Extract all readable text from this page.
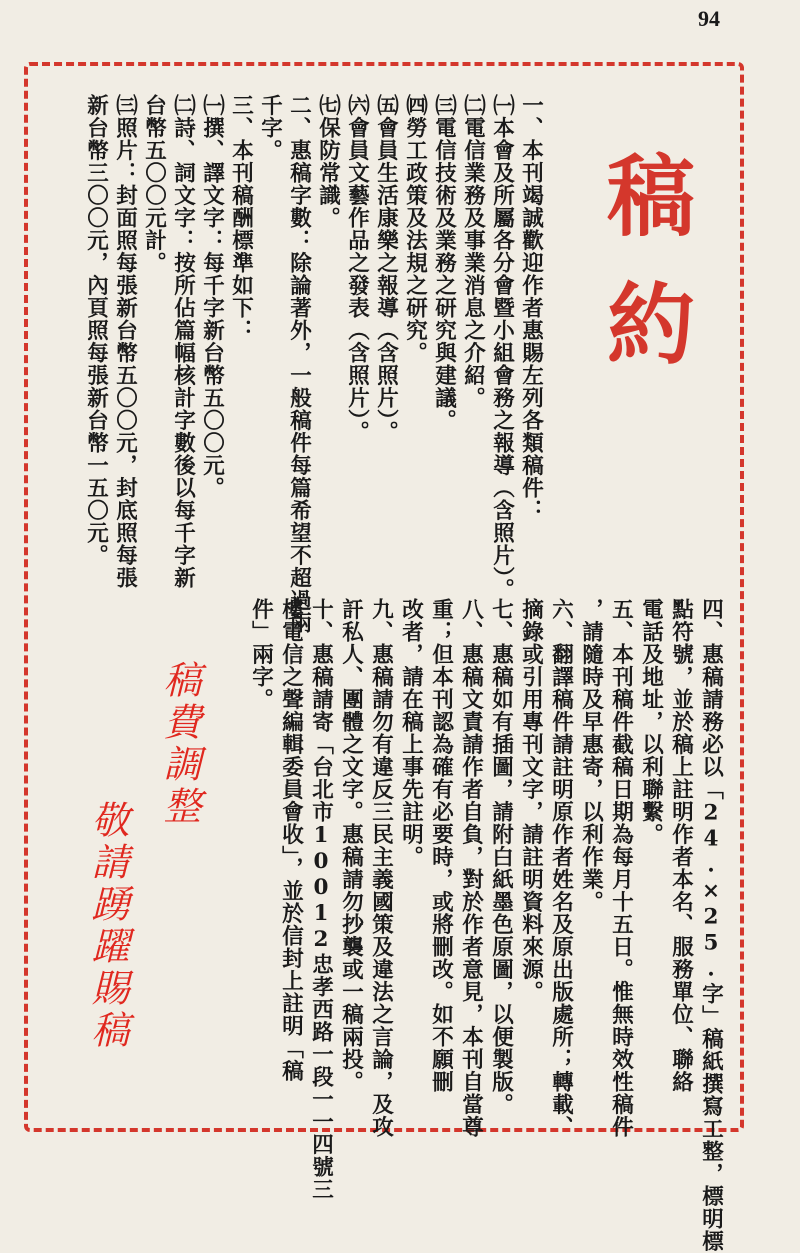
94
稿約
一、本刊竭誠歡迎作者惠賜左列各類稿件：
㈠本會及所屬各分會暨小組會務之報導（含照片）。
㈡電信業務及事業消息之介紹。
㈢電信技術及業務之研究與建議。
㈣勞工政策及法規之研究。
㈤會員生活康樂之報導（含照片）。
㈥會員文藝作品之發表（含照片）。
㈦保防常識。
二、惠稿字數：除論著外，一般稿件每篇希望不超過兩
千字。
三、本刊稿酬標準如下：
㈠撰、譯文字：每千字新台幣五〇〇元。
㈡詩、詞文字：按所佔篇幅核計字數後以每千字新
台幣五〇〇元計。
㈢照片：封面照每張新台幣五〇〇元，封底照每張
新台幣三〇〇元，內頁照每張新台幣一五〇元。
四、惠稿請務必以「24.×25.字」稿紙撰寫工整，標明標
點符號，並於稿上註明作者本名、服務單位、聯絡
電話及地址，以利聯繫。
五、本刊稿件截稿日期為每月十五日。惟無時效性稿件
，請隨時及早惠寄，以利作業。
六、翻譯稿件請註明原作者姓名及原出版處所；轉載、
摘錄或引用專刊文字，請註明資料來源。
七、惠稿如有插圖，請附白紙墨色原圖，以便製版。
八、惠稿文責請作者自負，對於作者意見，本刊自當尊
重；但本刊認為確有必要時，或將刪改。如不願刪
改者，請在稿上事先註明。
九、惠稿請勿有違反三民主義國策及違法之言論，及攻
訐私人、團體之文字。惠稿請勿抄襲或一稿兩投。
十、惠稿請寄「台北市10012忠孝西路一段一一四號三
樓電信之聲編輯委員會收」，並於信封上註明「稿
件」兩字。
稿費調整
敬請踴躍賜稿
